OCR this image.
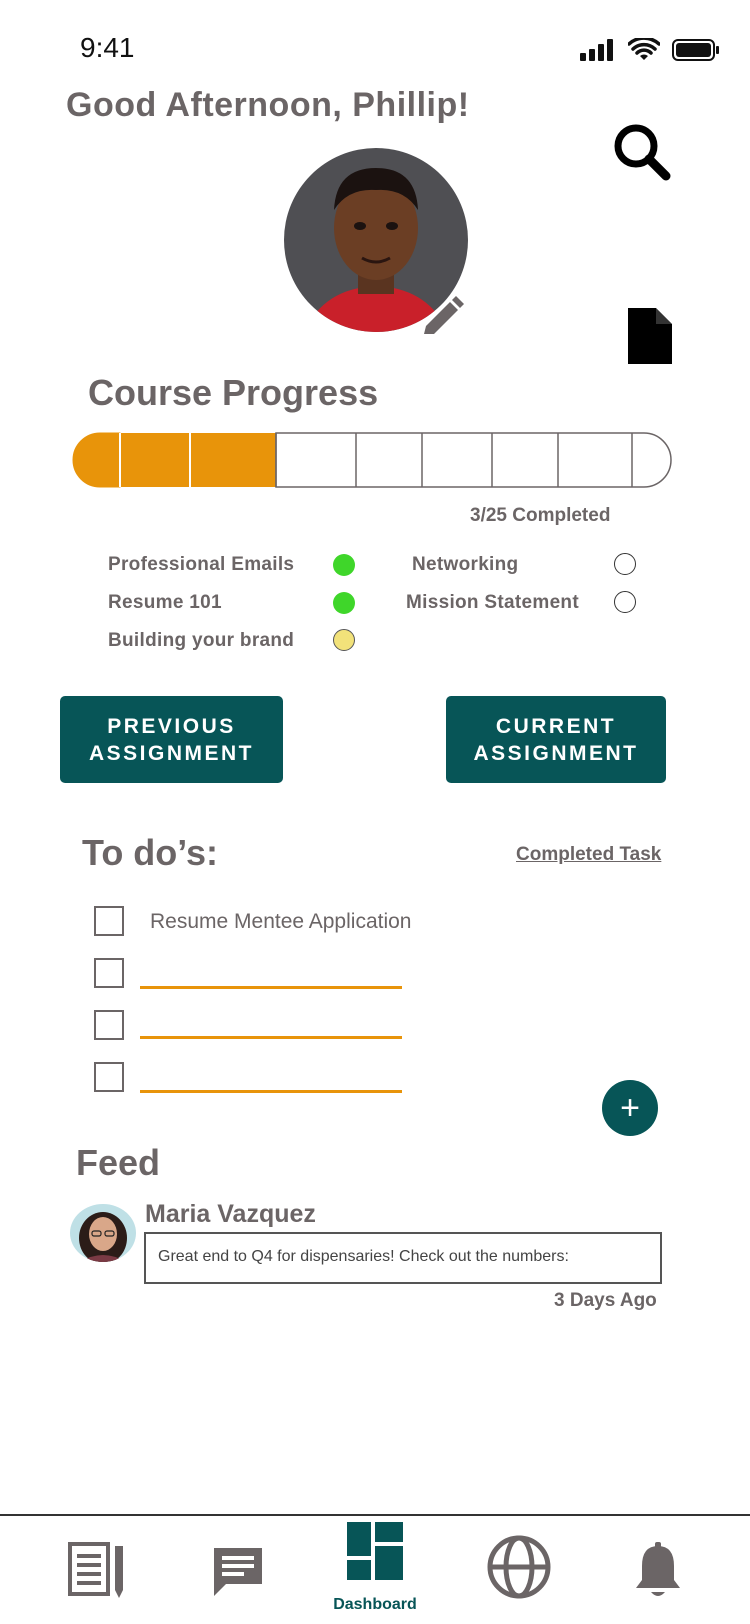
9:41
Good Afternoon, Phillip!
Course Progress
3/25 Completed
Professional Emails
Resume 101
Building your brand
Networking
Mission Statement
PREVIOUS
ASSIGNMENT
CURRENT
ASSIGNMENT
To do’s:	Completed Task
Resume Mentee Application
+
Feed
Maria Vazquez
Great end to Q4 for dispensaries! Check out the numbers:
3 Days Ago
Dashboard
